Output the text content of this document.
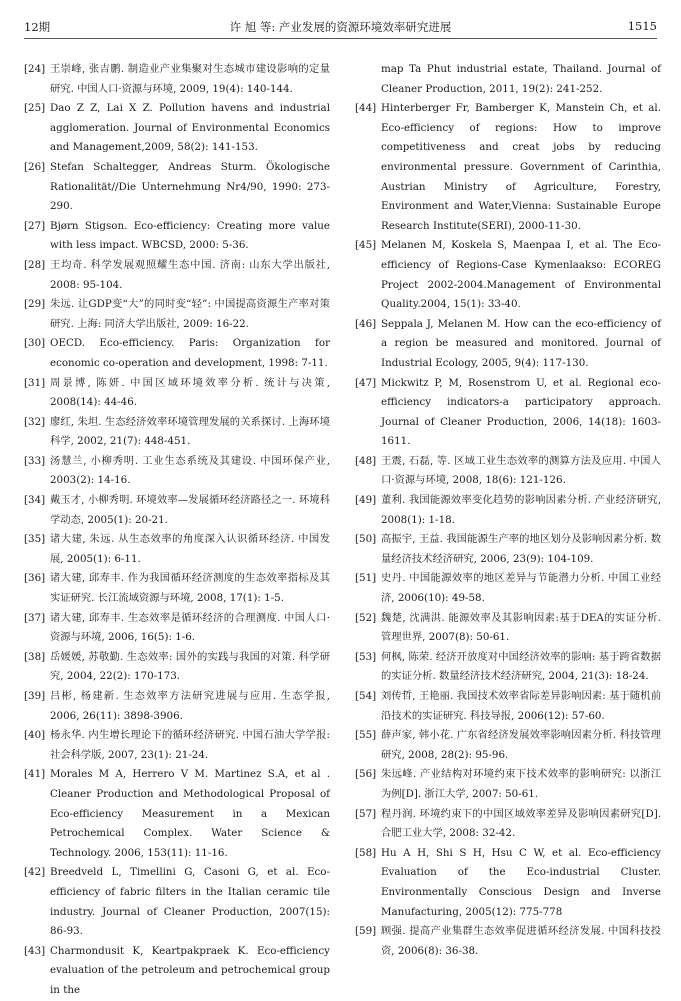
12期	许 旭 等: 产业发展的资源环境效率研究进展	1515
[24] 王崇峰, 张吉鹏. 制造业产业集聚对生态城市建设影响的定量研究. 中国人口·资源与环境, 2009, 19(4): 140-144.
[25] Dao Z Z, Lai X Z. Pollution havens and industrial agglomeration. Journal of Environmental Economics and Management,2009, 58(2): 141-153.
[26] Stefan Schaltegger, Andreas Sturm. Ökologische Rationalität//Die Unternehmung Nr4/90, 1990: 273-290.
[27] Bjørn Stigson. Eco-efficiency: Creating more value with less impact. WBCSD, 2000: 5-36.
[28] 王均奇. 科学发展观照耀生态中国. 济南: 山东大学出版社, 2008: 95-104.
[29] 朱远. 让GDP变“大”的同时变“轻”: 中国提高资源生产率对策研究. 上海: 同济大学出版社, 2009: 16-22.
[30] OECD. Eco-efficiency. Paris: Organization for economic co-operation and development, 1998: 7-11.
[31] 周景博, 陈妍. 中国区域环境效率分析. 统计与决策, 2008(14): 44-46.
[32] 廖红, 朱坦. 生态经济效率环境管理发展的关系探讨. 上海环境科学, 2002, 21(7): 448-451.
[33] 汤慧兰, 小柳秀明. 工业生态系统及其建设. 中国环保产业, 2003(2): 14-16.
[34] 戴玉才, 小柳秀明. 环境效率—发展循环经济路径之一. 环境科学动态, 2005(1): 20-21.
[35] 诸大建, 朱远. 从生态效率的角度深入认识循环经济. 中国发展, 2005(1): 6-11.
[36] 诸大建, 邱寿丰. 作为我国循环经济测度的生态效率指标及其实证研究. 长江流域资源与环境, 2008, 17(1): 1-5.
[37] 诸大建, 邱寿丰. 生态效率是循环经济的合理测度. 中国人口·资源与环境, 2006, 16(5): 1-6.
[38] 岳媛媛, 苏敬勤. 生态效率: 国外的实践与我国的对策. 科学研究, 2004, 22(2): 170-173.
[39] 吕彬, 杨建新. 生态效率方法研究进展与应用. 生态学报, 2006, 26(11): 3898-3906.
[40] 杨永华. 内生增长理论下的循环经济研究. 中国石油大学学报: 社会科学版, 2007, 23(1): 21-24.
[41] Morales M A, Herrero V M. Martinez S.A, et al . Cleaner Production and Methodological Proposal of Eco-efficiency Measurement in a Mexican Petrochemical Complex. Water Science & Technology. 2006, 153(11): 11-16.
[42] Breedveld L, Timellini G, Casoni G, et al. Eco-efficiency of fabric filters in the Italian ceramic tile industry. Journal of Cleaner Production, 2007(15): 86-93.
[43] Charmondusit K, Keartpakpraek K. Eco-efficiency evaluation of the petroleum and petrochemical group in the
map Ta Phut industrial estate, Thailand. Journal of Cleaner Production, 2011, 19(2): 241-252.
[44] Hinterberger Fr, Bamberger K, Manstein Ch, et al. Eco-efficiency of regions: How to improve competitiveness and creat jobs by reducing environmental pressure. Government of Carinthia, Austrian Ministry of Agriculture, Forestry, Environment and Water,Vienna: Sustainable Europe Research Institute(SERI), 2000-11-30.
[45] Melanen M, Koskela S, Maenpaa I, et al. The Eco-efficiency of Regions-Case Kymenlaakso: ECOREG Project 2002-2004.Management of Environmental Quality.2004, 15(1): 33-40.
[46] Seppala J, Melanen M. How can the eco-efficiency of a region be measured and monitored. Journal of Industrial Ecology, 2005, 9(4): 117-130.
[47] Mickwitz P, M, Rosenstrom U, et al. Regional eco-efficiency indicators-a participatory approach. Journal of Cleaner Production, 2006, 14(18): 1603-1611.
[48] 王震, 石磊, 等. 区域工业生态效率的测算方法及应用. 中国人口·资源与环境, 2008, 18(6): 121-126.
[49] 董利. 我国能源效率变化趋势的影响因素分析. 产业经济研究, 2008(1): 1-18.
[50] 高振宇, 王益. 我国能源生产率的地区划分及影响因素分析. 数量经济技术经济研究, 2006, 23(9): 104-109.
[51] 史丹. 中国能源效率的地区差异与节能潜力分析. 中国工业经济, 2006(10): 49-58.
[52] 魏楚, 沈满洪. 能源效率及其影响因素:基于DEA的实证分析. 管理世界, 2007(8): 50-61.
[53] 何枫, 陈荣. 经济开放度对中国经济效率的影响: 基于跨省数据的实证分析. 数量经济技术经济研究, 2004, 21(3): 18-24.
[54] 刘传哲, 王艳丽. 我国技术效率省际差异影响因素: 基于随机前沿技术的实证研究. 科技导报, 2006(12): 57-60.
[55] 薛声家, 韩小花. 广东省经济发展效率影响因素分析. 科技管理研究, 2008, 28(2): 95-96.
[56] 朱远峰. 产业结构对环境约束下技术效率的影响研究: 以浙江为例[D]. 浙江大学, 2007: 50-61.
[57] 程丹润. 环境约束下的中国区域效率差异及影响因素研究[D]. 合肥工业大学, 2008: 32-42.
[58] Hu A H, Shi S H, Hsu C W, et al. Eco-efficiency Evaluation of the Eco-industrial Cluster. Environmentally Conscious Design and Inverse Manufacturing, 2005(12): 775-778
[59] 顾强. 提高产业集群生态效率促进循环经济发展. 中国科技投资, 2006(8): 36-38.
